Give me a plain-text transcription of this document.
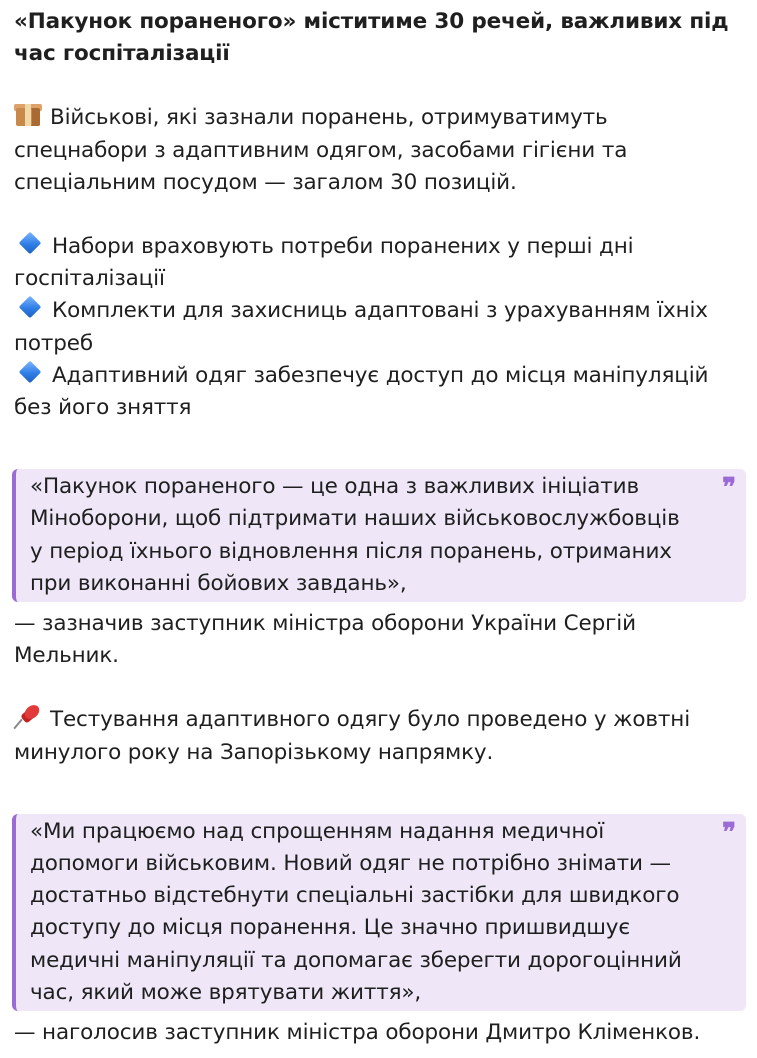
«Пакунок пораненого» міститиме 30 речей, важливих під час госпіталізації

Військові, які зазнали поранень, отримуватимуть спецнабори з адаптивним одягом, засобами гігієни та спеціальним посудом — загалом 30 позицій.

Набори враховують потреби поранених у перші дні госпіталізації

Комплекти для захисниць адаптовані з урахуванням їхніх потреб

Адаптивний одяг забезпечує доступ до місця маніпуляцій без його зняття

❞

«Пакунок пораненого — це одна з важливих ініціатив Міноборони, щоб підтримати наших військовослужбовців у період їхнього відновлення після поранень, отриманих при виконанні бойових завдань»,

— зазначив заступник міністра оборони України Сергій Мельник.

Тестування адаптивного одягу було проведено у жовтні минулого року на Запорізькому напрямку.

❞

«Ми працюємо над спрощенням надання медичної допомоги військовим. Новий одяг не потрібно знімати — достатньо відстебнути спеціальні застібки для швидкого доступу до місця поранення. Це значно пришвидшує медичні маніпуляції та допомагає зберегти дорогоцінний час, який може врятувати життя»,

— наголосив заступник міністра оборони Дмитро Кліменков.
